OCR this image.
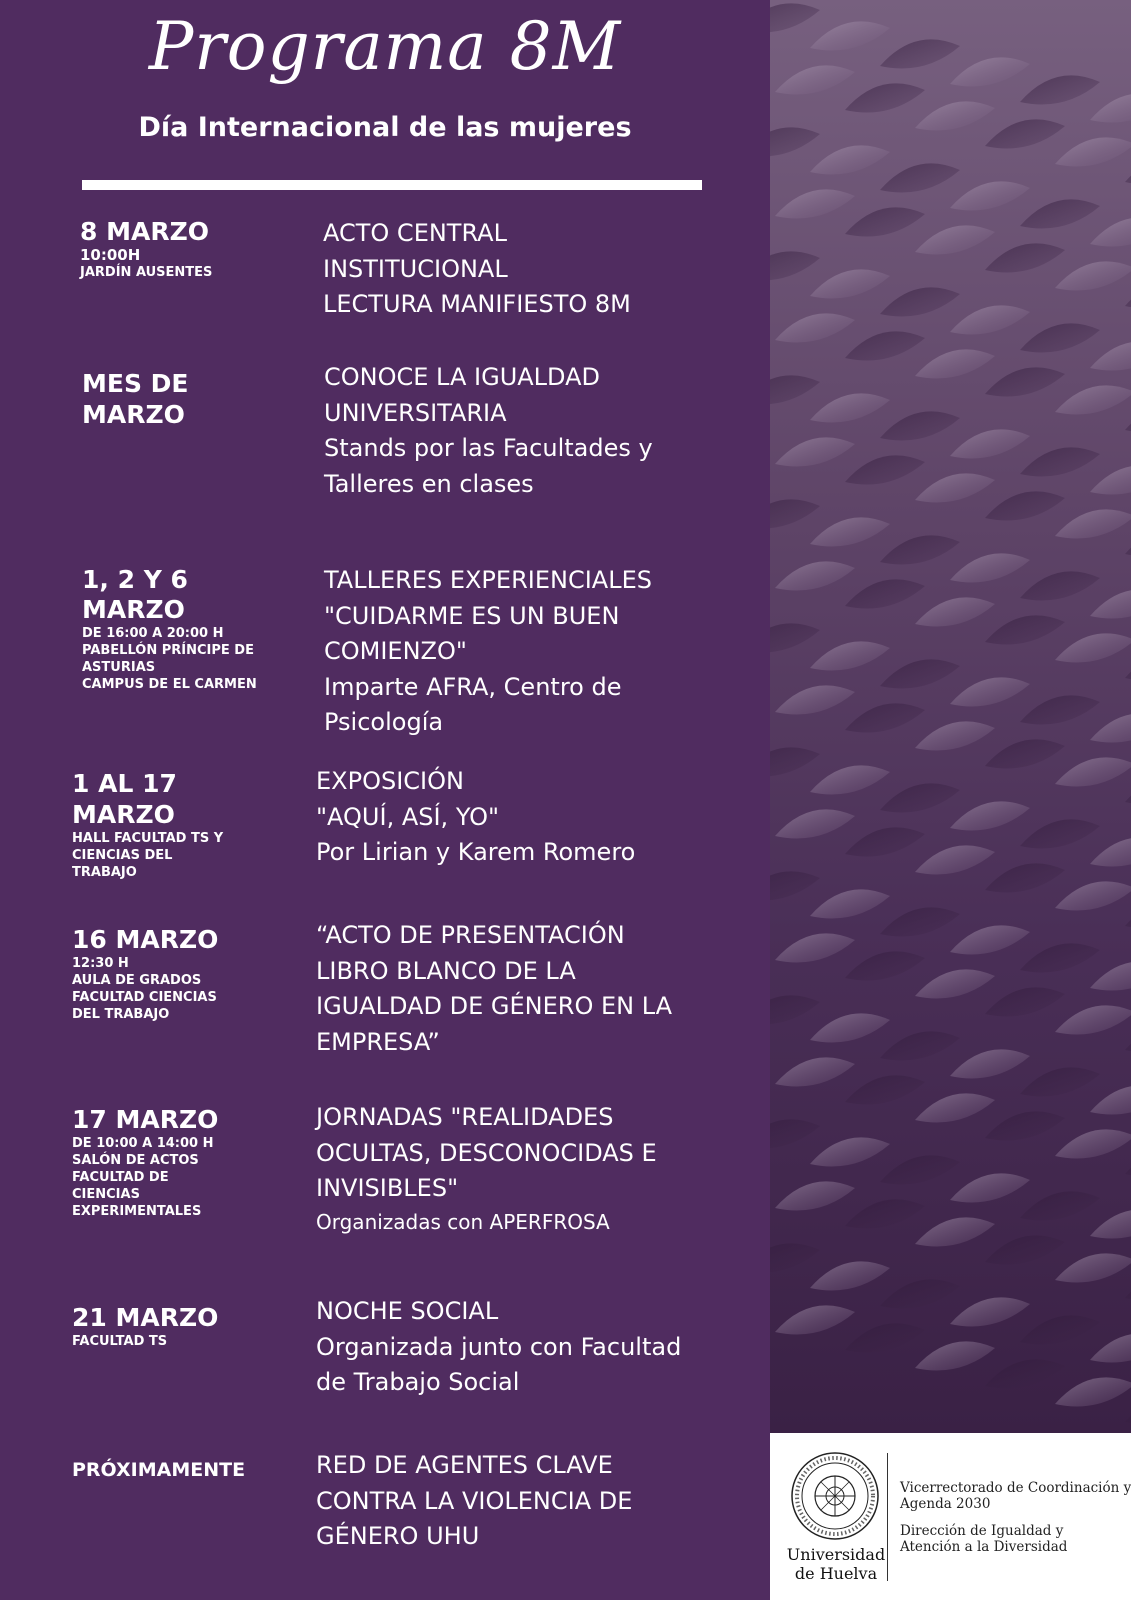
Programa 8M
Día Internacional de las mujeres
8 MARZO
10:00H
JARDÍN AUSENTES
ACTO CENTRAL
INSTITUCIONAL
LECTURA MANIFIESTO 8M
MES DE
MARZO
CONOCE LA IGUALDAD
UNIVERSITARIA
Stands por las Facultades y
Talleres en clases
1, 2 Y 6
MARZO
DE 16:00 A 20:00 H
PABELLÓN PRÍNCIPE DE
ASTURIAS
CAMPUS DE EL CARMEN
TALLERES EXPERIENCIALES
"CUIDARME ES UN BUEN
COMIENZO"
Imparte AFRA, Centro de
Psicología
1 AL 17
MARZO
HALL FACULTAD TS Y
CIENCIAS DEL
TRABAJO
EXPOSICIÓN
"AQUÍ, ASÍ, YO"
Por Lirian y Karem Romero
16 MARZO
12:30 H
AULA DE GRADOS
FACULTAD CIENCIAS
DEL TRABAJO
“ACTO DE PRESENTACIÓN
LIBRO BLANCO DE LA
IGUALDAD DE GÉNERO EN LA
EMPRESA”
17 MARZO
DE 10:00 A 14:00 H
SALÓN DE ACTOS
FACULTAD DE
CIENCIAS
EXPERIMENTALES
JORNADAS "REALIDADES
OCULTAS, DESCONOCIDAS E
INVISIBLES"
Organizadas con APERFROSA
21 MARZO
FACULTAD TS
NOCHE SOCIAL
Organizada junto con Facultad
de Trabajo Social
PRÓXIMAMENTE	RED DE AGENTES CLAVE
CONTRA LA VIOLENCIA DE
GÉNERO UHU
Universidad
de Huelva
Vicerrectorado de Coordinación y
Agenda 2030
Dirección de Igualdad y
Atención a la Diversidad
